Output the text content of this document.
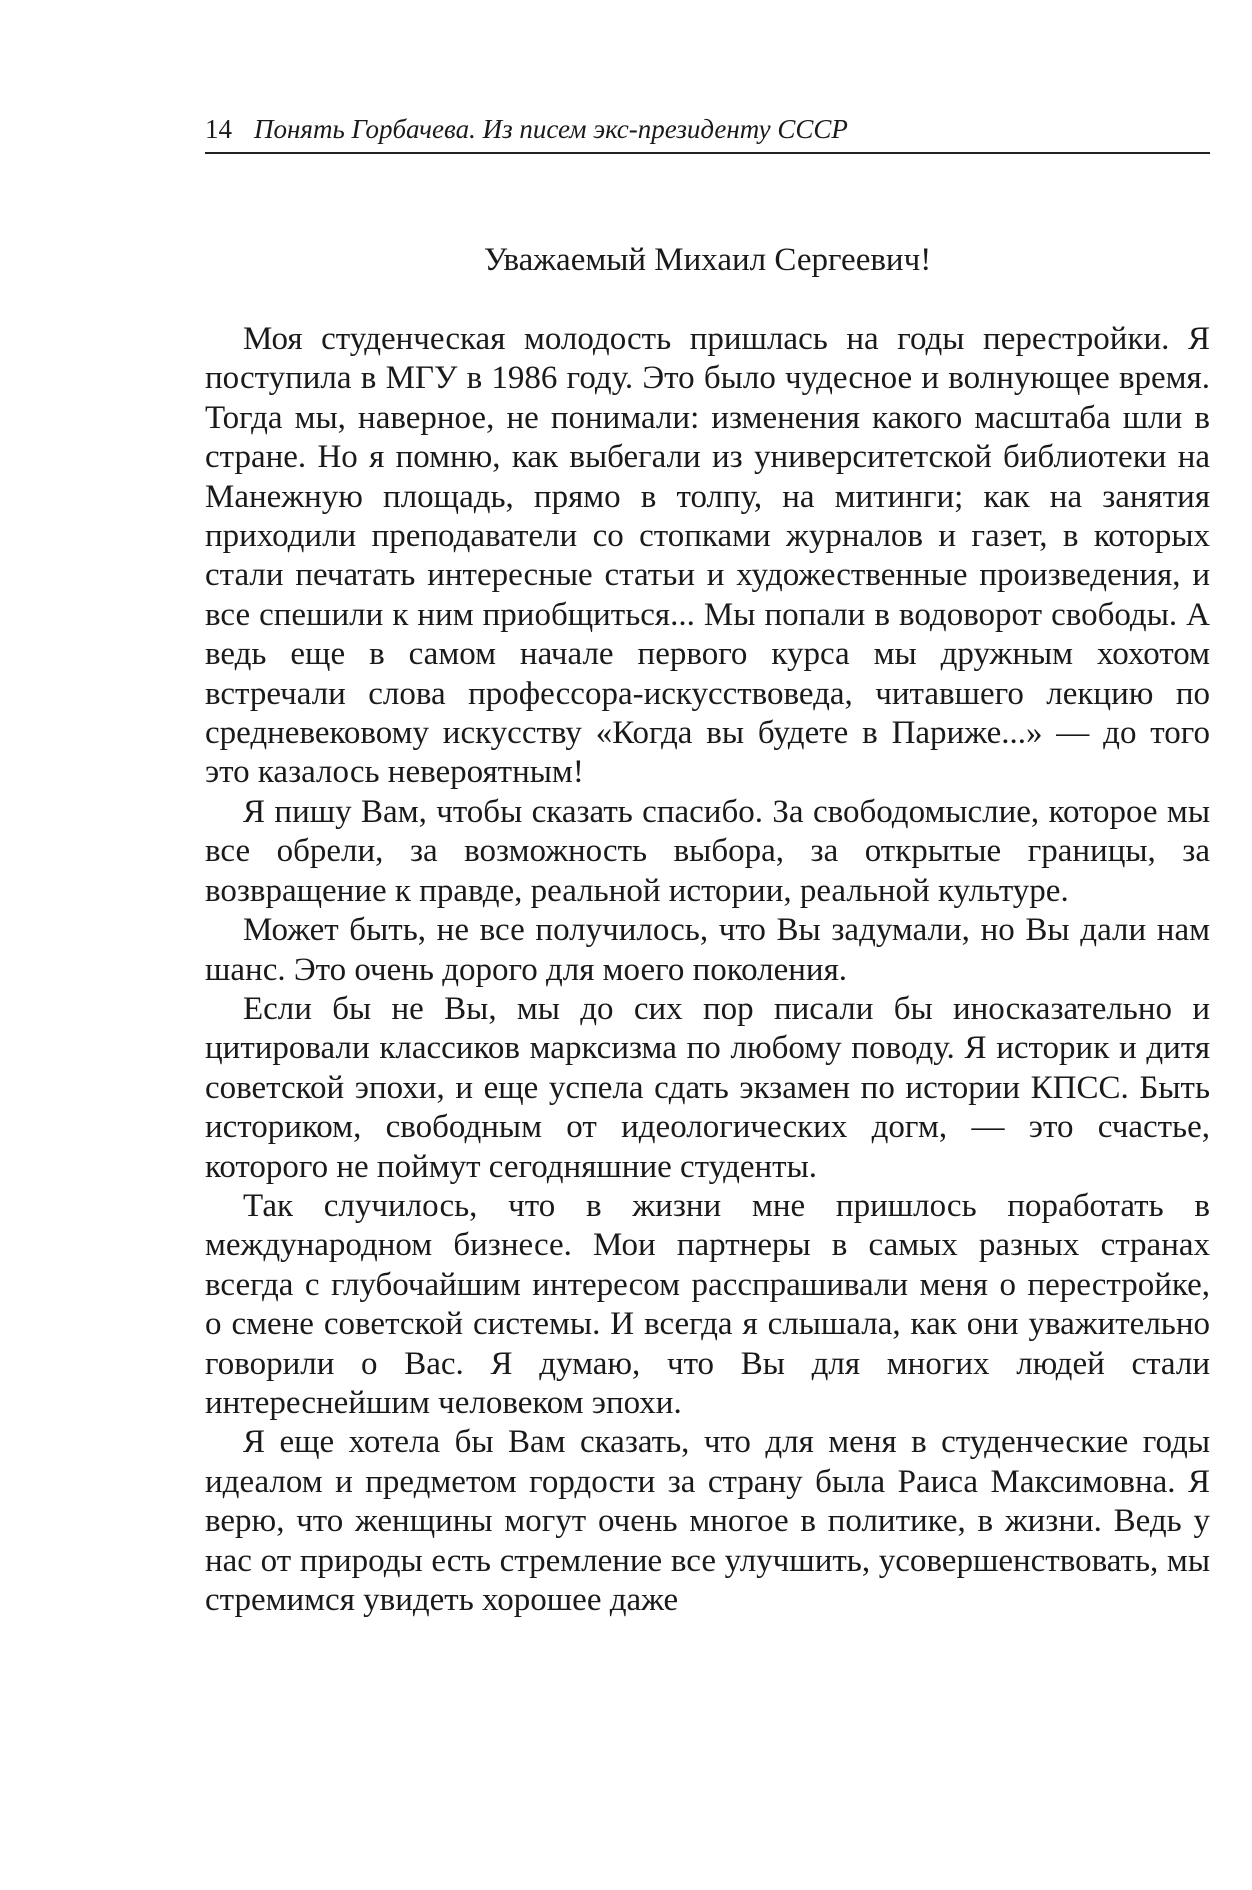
14 Понять Горбачева. Из писем экс-президенту СССР
Уважаемый Михаил Сергеевич!

Моя студенческая молодость пришлась на годы перестройки. Я поступила в МГУ в 1986 году. Это было чудесное и волнующее время. Тогда мы, наверное, не понимали: изменения какого масштаба шли в стране. Но я помню, как выбегали из университетской библиотеки на Манежную площадь, прямо в толпу, на митинги; как на занятия приходили преподаватели со стопками журналов и газет, в которых стали печатать интересные статьи и художественные произведения, и все спешили к ним приобщиться... Мы попали в водоворот свободы. А ведь еще в самом начале первого курса мы дружным хохотом встречали слова профессора-искусствоведа, читавшего лекцию по средневековому искусству «Когда вы будете в Париже...» — до того это казалось невероятным!

Я пишу Вам, чтобы сказать спасибо. За свободомыслие, которое мы все обрели, за возможность выбора, за открытые границы, за возвращение к правде, реальной истории, реальной культуре.

Может быть, не все получилось, что Вы задумали, но Вы дали нам шанс. Это очень дорого для моего поколения.

Если бы не Вы, мы до сих пор писали бы иносказательно и цитировали классиков марксизма по любому поводу. Я историк и дитя советской эпохи, и еще успела сдать экзамен по истории КПСС. Быть историком, свободным от идеологических догм, — это счастье, которого не поймут сегодняшние студенты.

Так случилось, что в жизни мне пришлось поработать в международном бизнесе. Мои партнеры в самых разных странах всегда с глубочайшим интересом расспрашивали меня о перестройке, о смене советской системы. И всегда я слышала, как они уважительно говорили о Вас. Я думаю, что Вы для многих людей стали интереснейшим человеком эпохи.

Я еще хотела бы Вам сказать, что для меня в студенческие годы идеалом и предметом гордости за страну была Раиса Максимовна. Я верю, что женщины могут очень многое в политике, в жизни. Ведь у нас от природы есть стремление все улучшить, усовершенствовать, мы стремимся увидеть хорошее даже
